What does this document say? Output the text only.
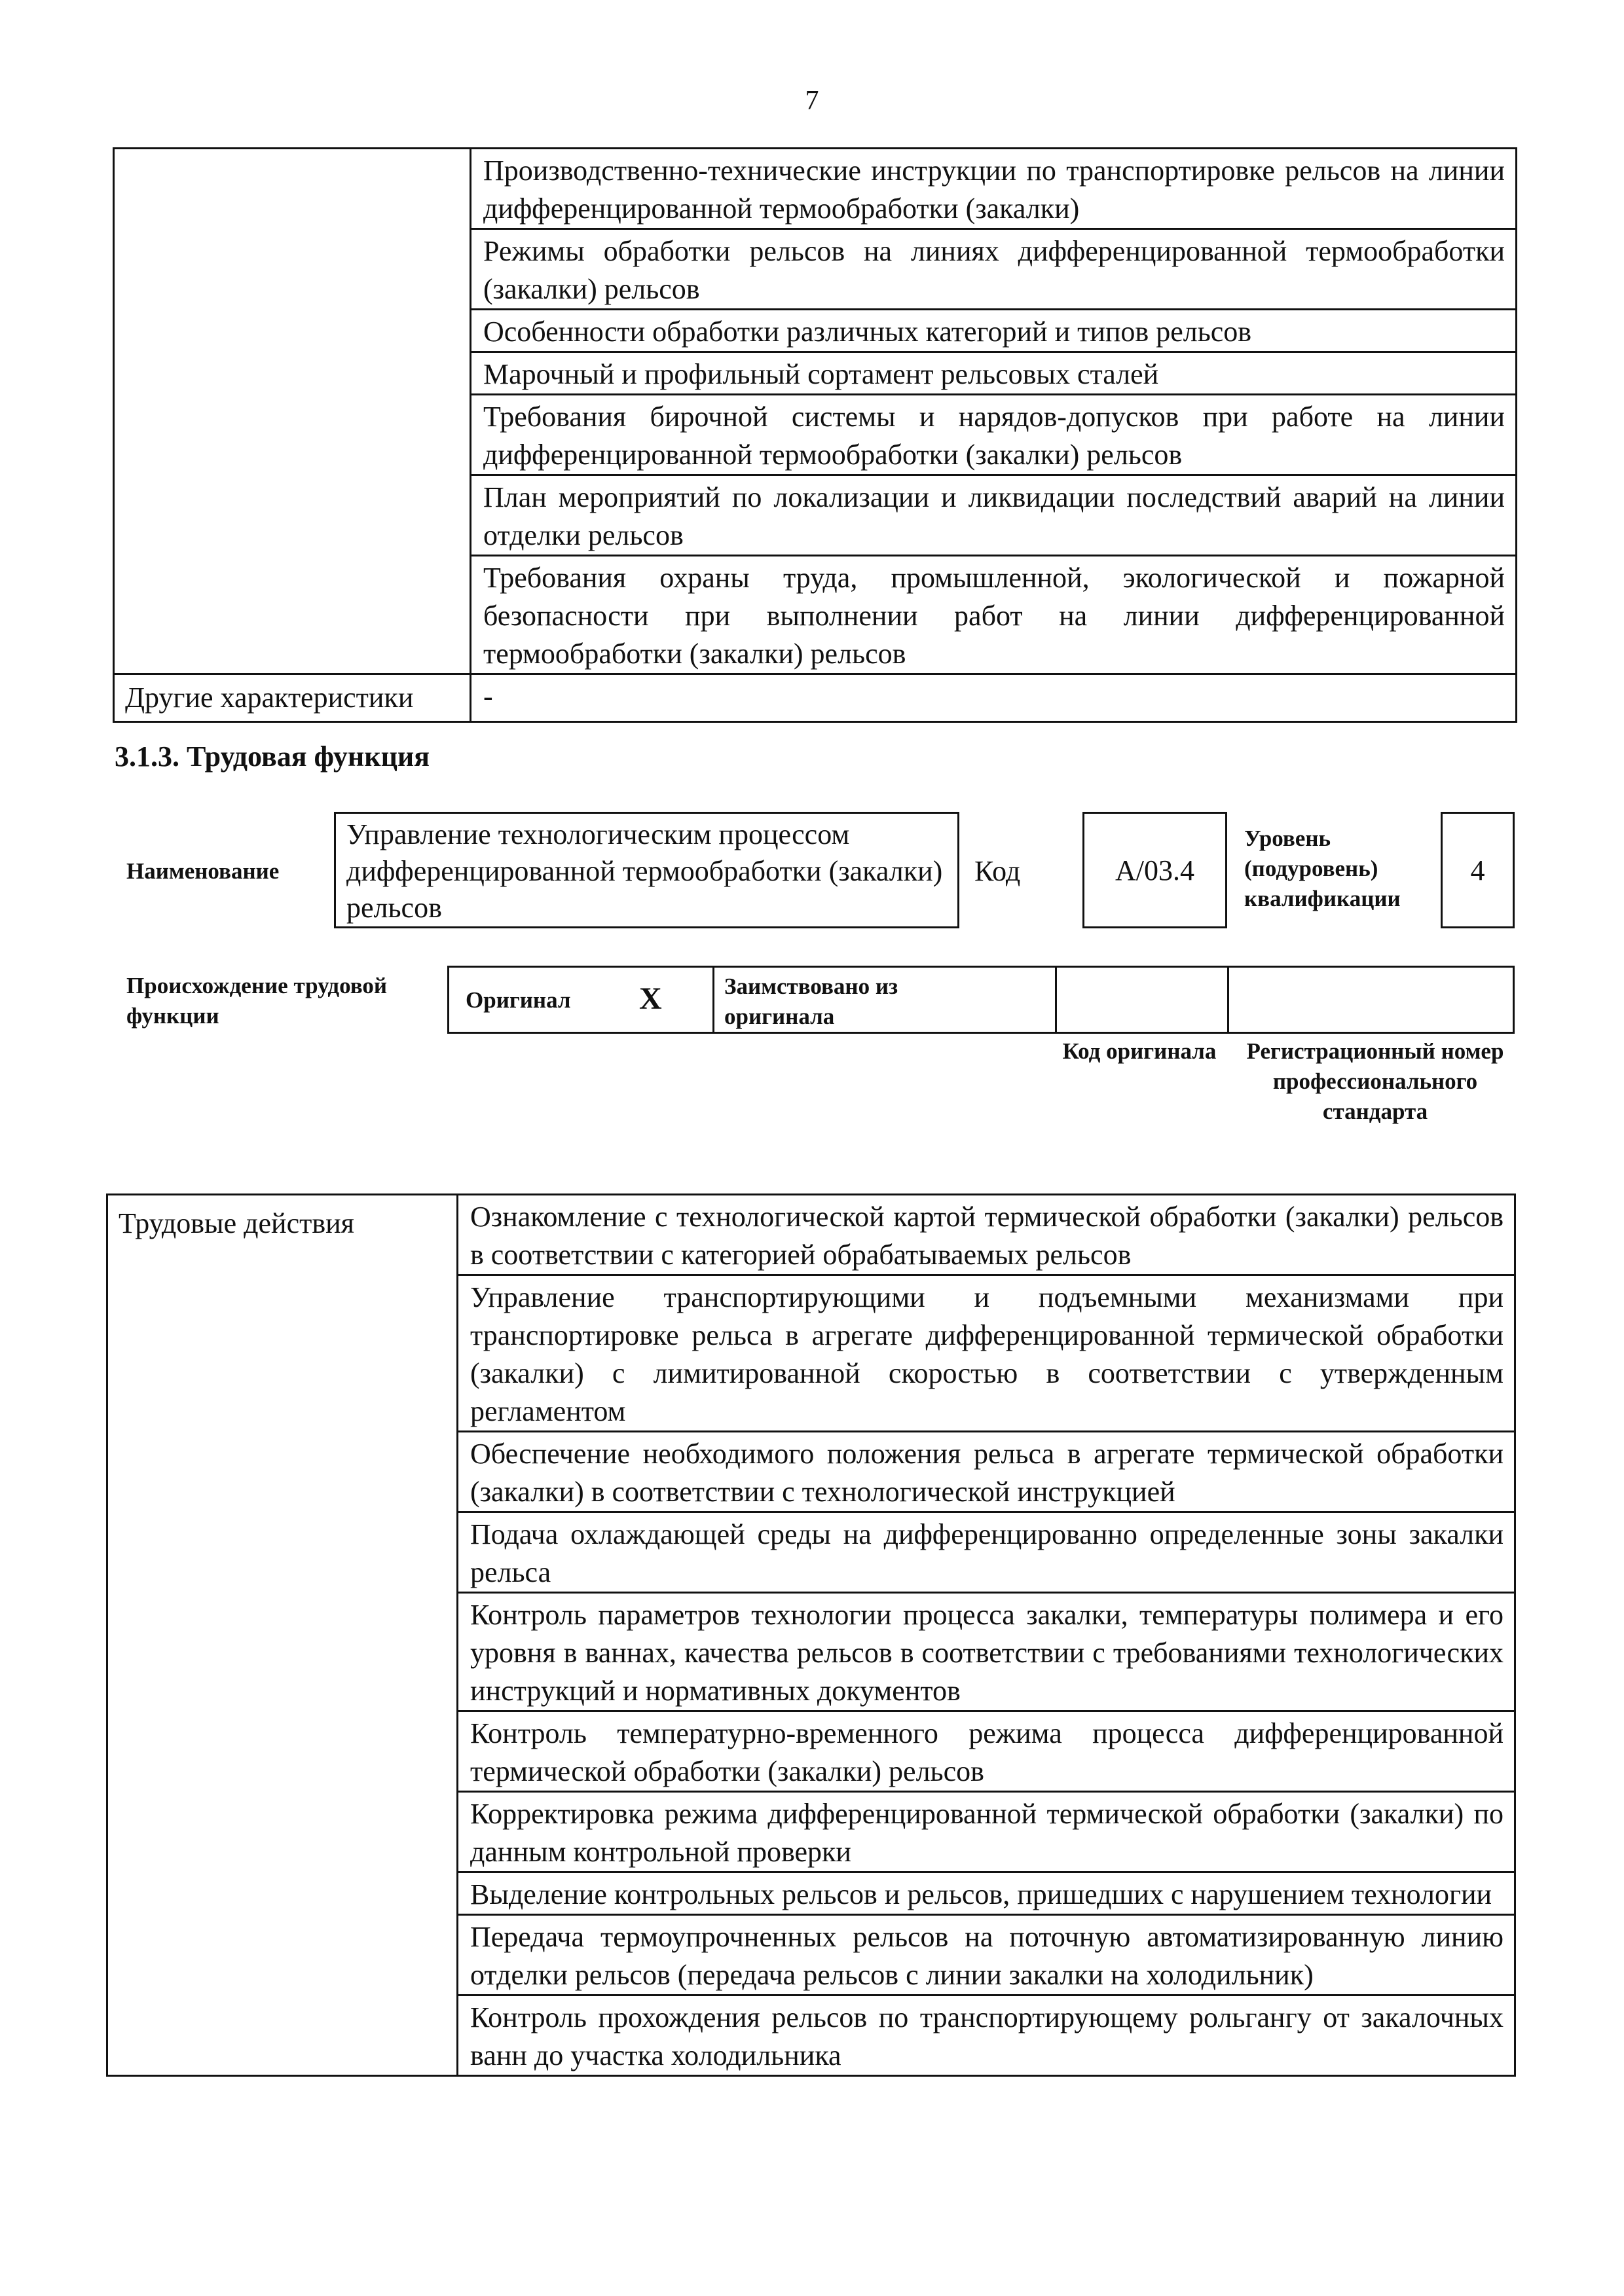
7
	Производственно-технические инструкции по транспортировке рельсов на линии дифференцированной термообработки (закалки)
	Режимы обработки рельсов на линиях дифференцированной термообработки (закалки) рельсов
	Особенности обработки различных категорий и типов рельсов
	Марочный и профильный сортамент рельсовых сталей
	Требования бирочной системы и нарядов-допусков при работе на линии дифференцированной термообработки (закалки) рельсов
	План мероприятий по локализации и ликвидации последствий аварий на линии отделки рельсов
	Требования охраны труда, промышленной, экологической и пожарной безопасности при выполнении работ на линии дифференцированной термообработки (закалки) рельсов
Другие характеристики	-
3.1.3. Трудовая функция
Наименование
Управление технологическим процессом дифференцированной термообработки (закалки) рельсов
Код	A/03.4
Уровень (подуровень) квалификации
4
Происхождение трудовой функции
Оригинал X	Заимствовано из оригинала
Код оригинала	Регистрационный номер профессионального стандарта
Трудовые действия	Ознакомление с технологической картой термической обработки (закалки) рельсов в соответствии с категорией обрабатываемых рельсов
Управление транспортирующими и подъемными механизмами при транспортировке рельса в агрегате дифференцированной термической обработки (закалки) с лимитированной скоростью в соответствии с утвержденным регламентом
Обеспечение необходимого положения рельса в агрегате термической обработки (закалки) в соответствии с технологической инструкцией
Подача охлаждающей среды на дифференцированно определенные зоны закалки рельса
Контроль параметров технологии процесса закалки, температуры полимера и его уровня в ваннах, качества рельсов в соответствии с требованиями технологических инструкций и нормативных документов
Контроль температурно-временного режима процесса дифференцированной термической обработки (закалки) рельсов
Корректировка режима дифференцированной термической обработки (закалки) по данным контрольной проверки
Выделение контрольных рельсов и рельсов, пришедших с нарушением технологии
Передача термоупрочненных рельсов на поточную автоматизированную линию отделки рельсов (передача рельсов с линии закалки на холодильник)
Контроль прохождения рельсов по транспортирующему рольгангу от закалочных ванн до участка холодильника
